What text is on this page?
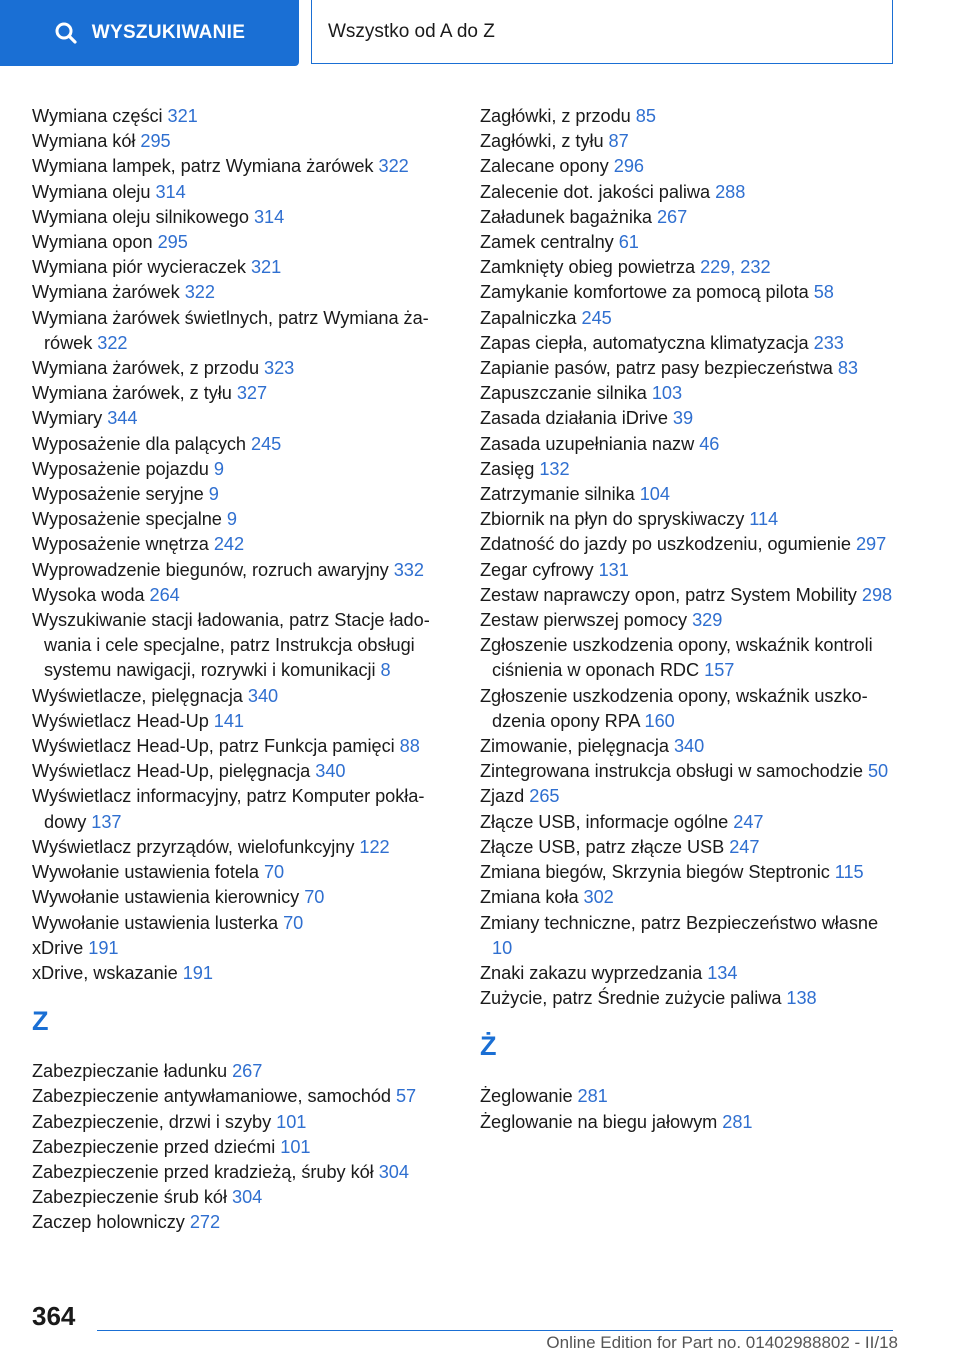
WYSZUKIWANIE	Wszystko od A do Z
Wymiana części 321
Wymiana kół 295
Wymiana lampek, patrz Wymiana żarówek 322
Wymiana oleju 314
Wymiana oleju silnikowego 314
Wymiana opon 295
Wymiana piór wycieraczek 321
Wymiana żarówek 322
Wymiana żarówek świetlnych, patrz Wymiana żarówek 322
Wymiana żarówek, z przodu 323
Wymiana żarówek, z tyłu 327
Wymiary 344
Wyposażenie dla palących 245
Wyposażenie pojazdu 9
Wyposażenie seryjne 9
Wyposażenie specjalne 9
Wyposażenie wnętrza 242
Wyprowadzenie biegunów, rozruch awaryjny 332
Wysoka woda 264
Wyszukiwanie stacji ładowania, patrz Stacje ładowania i cele specjalne, patrz Instrukcja obsługi systemu nawigacji, rozrywki i komunikacji 8
Wyświetlacze, pielęgnacja 340
Wyświetlacz Head-Up 141
Wyświetlacz Head-Up, patrz Funkcja pamięci 88
Wyświetlacz Head-Up, pielęgnacja 340
Wyświetlacz informacyjny, patrz Komputer pokładowy 137
Wyświetlacz przyrządów, wielofunkcyjny 122
Wywołanie ustawienia fotela 70
Wywołanie ustawienia kierownicy 70
Wywołanie ustawienia lusterka 70
xDrive 191
xDrive, wskazanie 191
Z
Zabezpieczanie ładunku 267
Zabezpieczenie antywłamaniowe, samochód 57
Zabezpieczenie, drzwi i szyby 101
Zabezpieczenie przed dziećmi 101
Zabezpieczenie przed kradzieżą, śruby kół 304
Zabezpieczenie śrub kół 304
Zaczep holowniczy 272
Zagłówki, z przodu 85
Zagłówki, z tyłu 87
Zalecane opony 296
Zalecenie dot. jakości paliwa 288
Załadunek bagażnika 267
Zamek centralny 61
Zamknięty obieg powietrza 229, 232
Zamykanie komfortowe za pomocą pilota 58
Zapalniczka 245
Zapas ciepła, automatyczna klimatyzacja 233
Zapianie pasów, patrz pasy bezpieczeństwa 83
Zapuszczanie silnika 103
Zasada działania iDrive 39
Zasada uzupełniania nazw 46
Zasięg 132
Zatrzymanie silnika 104
Zbiornik na płyn do spryskiwaczy 114
Zdatność do jazdy po uszkodzeniu, ogumienie 297
Zegar cyfrowy 131
Zestaw naprawczy opon, patrz System Mobility 298
Zestaw pierwszej pomocy 329
Zgłoszenie uszkodzenia opony, wskaźnik kontroli ciśnienia w oponach RDC 157
Zgłoszenie uszkodzenia opony, wskaźnik uszkodzenia opony RPA 160
Zimowanie, pielęgnacja 340
Zintegrowana instrukcja obsługi w samochodzie 50
Zjazd 265
Złącze USB, informacje ogólne 247
Złącze USB, patrz złącze USB 247
Zmiana biegów, Skrzynia biegów Steptronic 115
Zmiana koła 302
Zmiany techniczne, patrz Bezpieczeństwo własne 10
Znaki zakazu wyprzedzania 134
Zużycie, patrz Średnie zużycie paliwa 138
Ż
Żeglowanie 281
Żeglowanie na biegu jałowym 281
364
Online Edition for Part no. 01402988802 - II/18
